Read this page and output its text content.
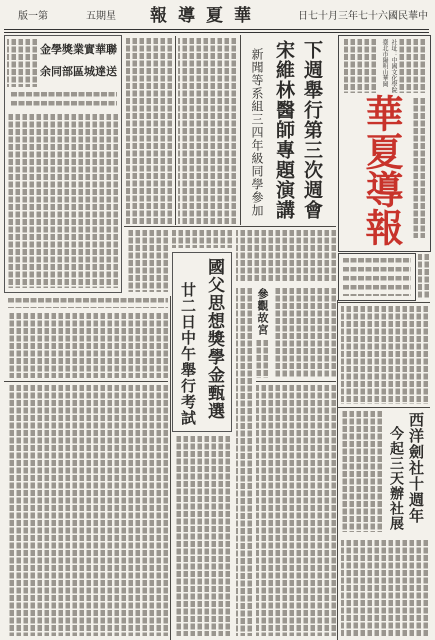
第一版	星期五 華夏導報	中華民國六十七年三月十七日
社址：中國文化學院
臺北市陽明山華岡
華夏導報
下週舉行第三次週會
宋維林醫師專題演講
新聞等系組三四年級同學參加
聯華實業獎學金
送達城區部同余
國父思想獎學金甄選
廿二日中午舉行考試	參觀故宮
西洋劍社十週年
今起三天辦社展
